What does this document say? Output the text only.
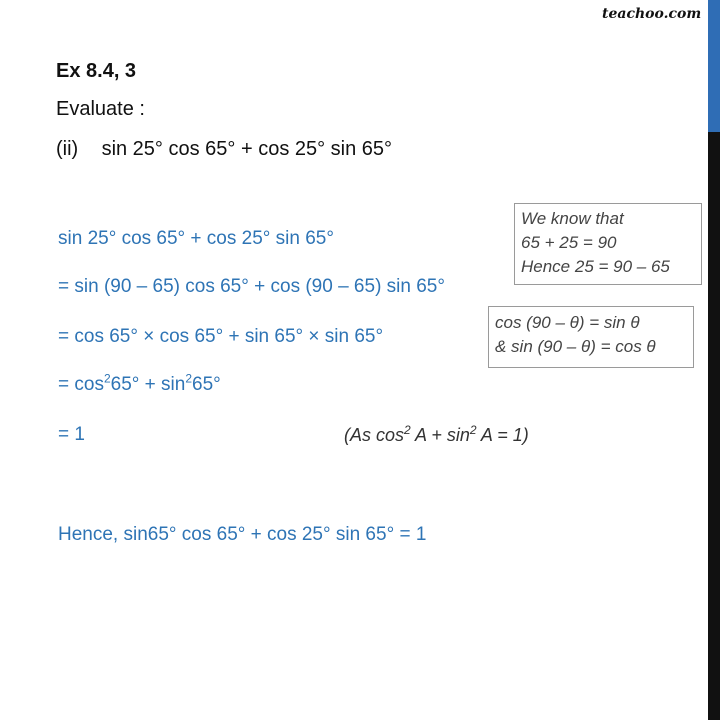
teachoo.com
Ex 8.4, 3
Evaluate :
(ii) sin 25° cos 65° + cos 25° sin 65°
sin 25° cos 65° + cos 25° sin 65°
= sin (90 – 65) cos 65° + cos (90 – 65) sin 65°
= cos 65° × cos 65° + sin 65° × sin 65°
= $\cos^265^\circ + \sin^265^\circ$
= 1	(As $\cos^2 A + \sin^2 A = 1$)
Hence, sin65° cos 65° + cos 25° sin 65° = 1
We know that
65 + 25 = 90
Hence 25 = 90 – 65
cos (90 – θ) = sin θ
& sin (90 – θ) = cos θ
